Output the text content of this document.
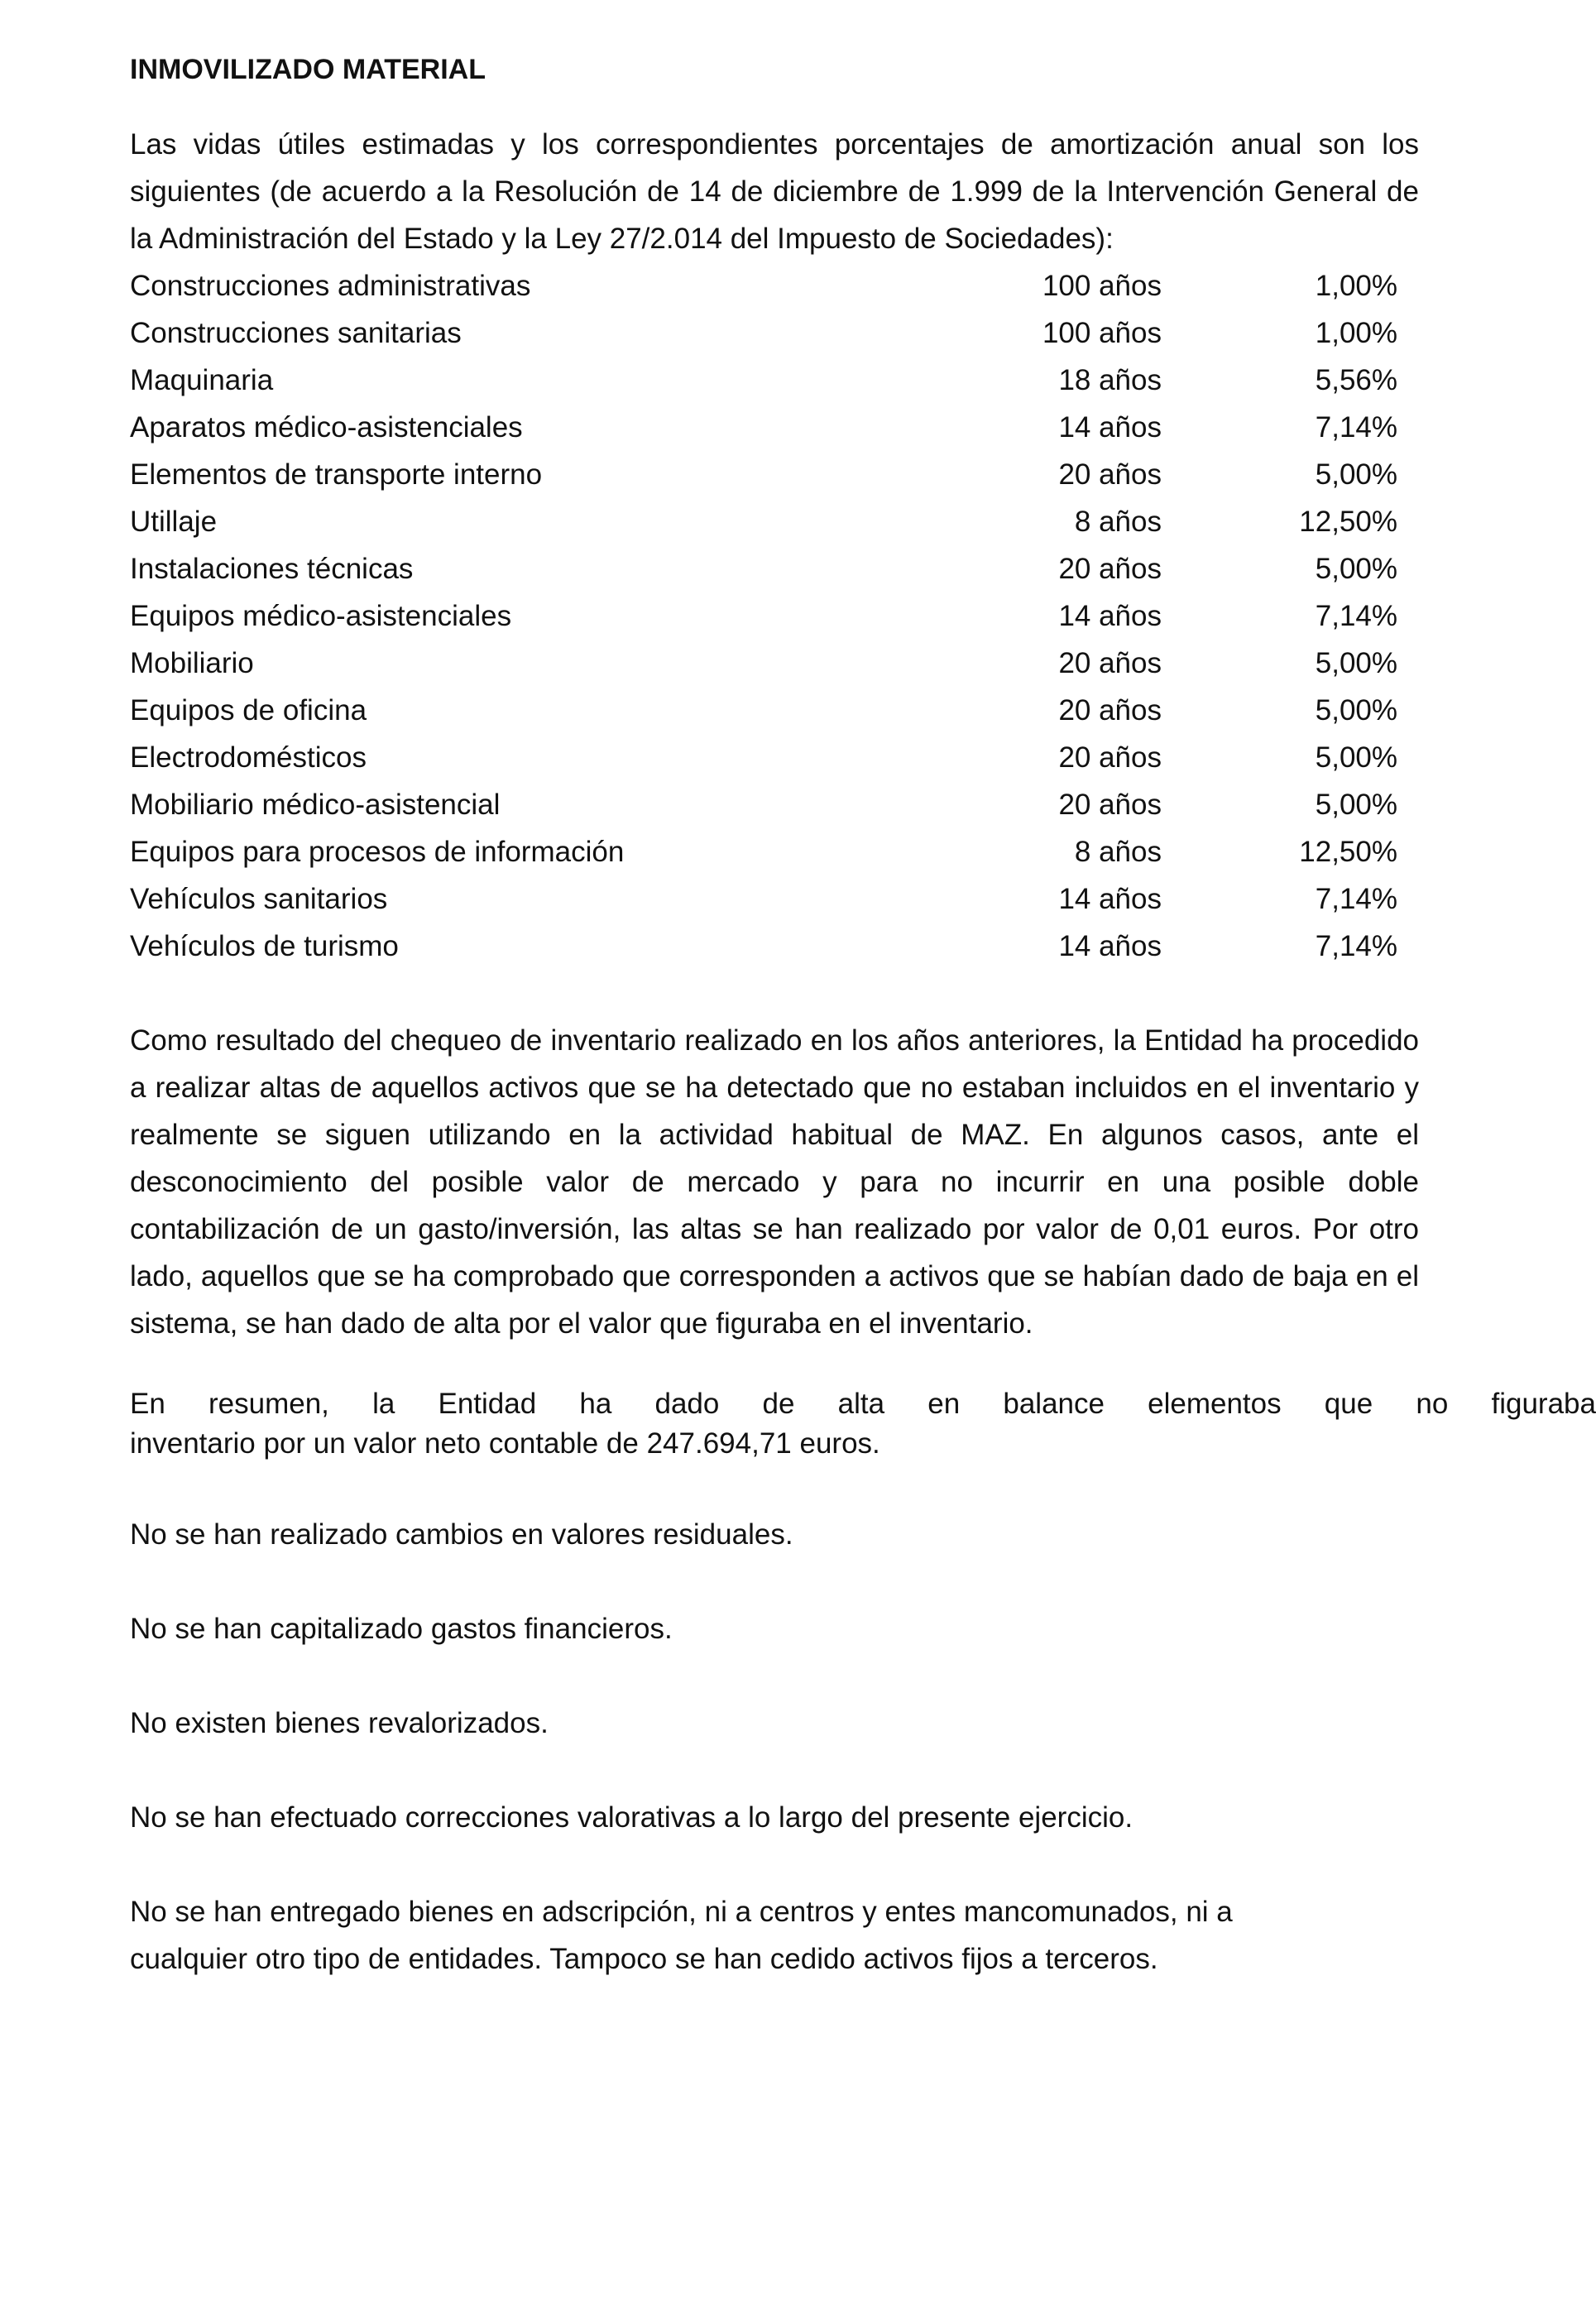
INMOVILIZADO MATERIAL

Las vidas útiles estimadas y los correspondientes porcentajes de amortización anual son los siguientes (de acuerdo a la Resolución de 14 de diciembre de 1.999 de la Intervención General de la Administración del Estado y la Ley 27/2.014 del Impuesto de Sociedades):

Construcciones administrativas	100 años	1,00%
Construcciones sanitarias	100 años	1,00%
Maquinaria	18 años	5,56%
Aparatos médico-asistenciales	14 años	7,14%
Elementos de transporte interno	20 años	5,00%
Utillaje	8 años	12,50%
Instalaciones técnicas	20 años	5,00%
Equipos médico-asistenciales	14 años	7,14%
Mobiliario	20 años	5,00%
Equipos de oficina	20 años	5,00%
Electrodomésticos	20 años	5,00%
Mobiliario médico-asistencial	20 años	5,00%
Equipos para procesos de información	8 años	12,50%
Vehículos sanitarios	14 años	7,14%
Vehículos de turismo	14 años	7,14%

Como resultado del chequeo de inventario realizado en los años anteriores, la Entidad ha procedido a realizar altas de aquellos activos que se ha detectado que no estaban incluidos en el inventario y realmente se siguen utilizando en la actividad habitual de MAZ. En algunos casos, ante el desconocimiento del posible valor de mercado y para no incurrir en una posible doble contabilización de un gasto/inversión, las altas se han realizado por valor de 0,01 euros. Por otro lado, aquellos que se ha comprobado que corresponden a activos que se habían dado de baja en el sistema, se han dado de alta por el valor que figuraba en el inventario.

En resumen, la Entidad ha dado de alta en balance elementos que no figuraba
inventario por un valor neto contable de 247.694,71 euros.

No se han realizado cambios en valores residuales.

No se han capitalizado gastos financieros.

No existen bienes revalorizados.

No se han efectuado correcciones valorativas a lo largo del presente ejercicio.

No se han entregado bienes en adscripción, ni a centros y entes mancomunados, ni a cualquier otro tipo de entidades. Tampoco se han cedido activos fijos a terceros.
